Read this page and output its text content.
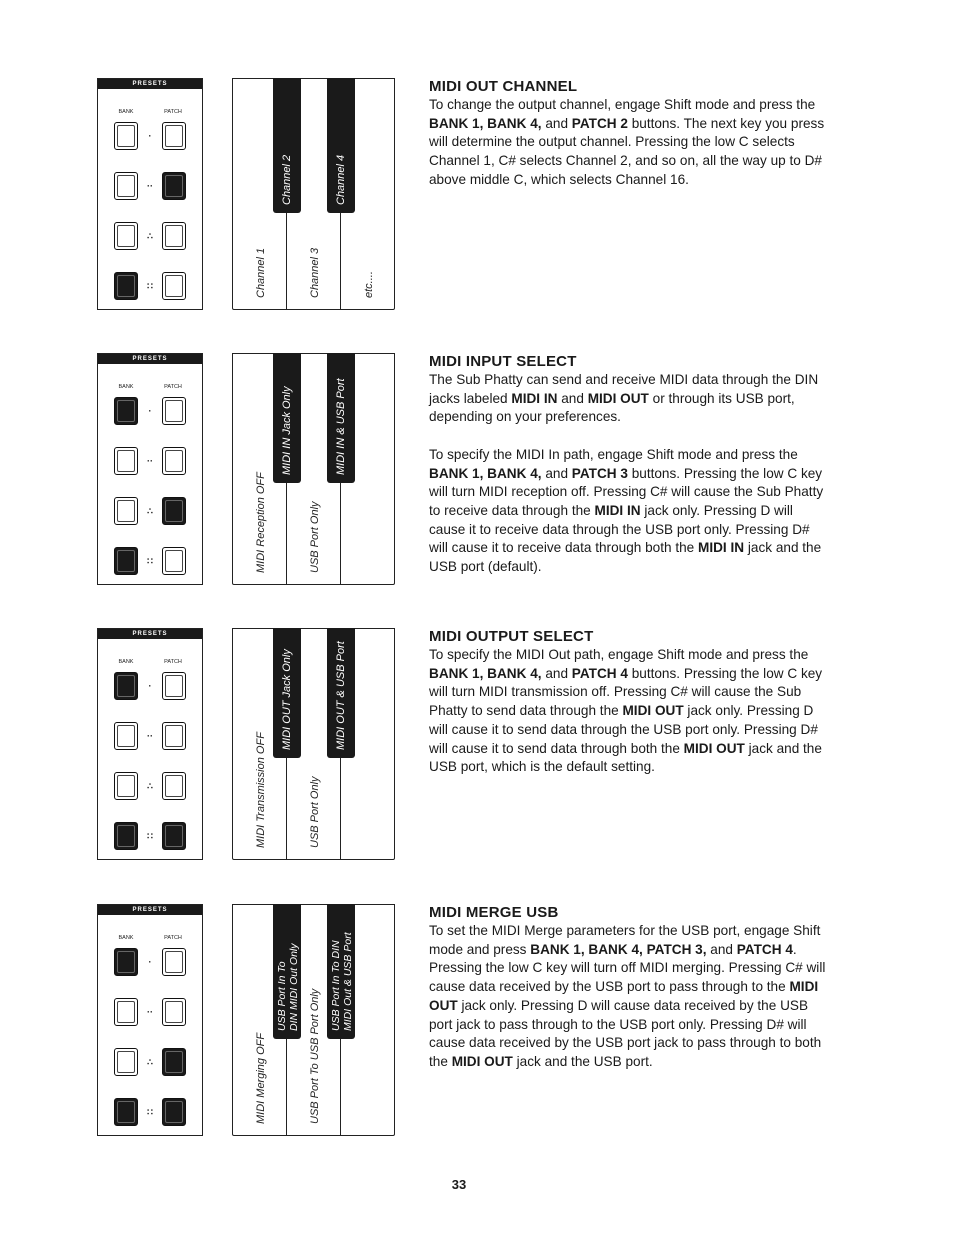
PRESETS
BANK	PATCH
·
··
∴
∷	Channel 1	Channel 3	etc....
Channel 2	Channel 4
MIDI OUT CHANNEL

To change the output channel, engage Shift mode and press the BANK 1, BANK 4, and PATCH 2 buttons. The next key you press will determine the output channel. Pressing the low C selects Channel 1, C# selects Channel 2, and so on, all the way up to D# above middle C, which selects Channel 16.

PRESETS
BANK	PATCH
·
··
∴
∷	MIDI Reception OFF	USB Port Only
MIDI IN Jack Only	MIDI IN & USB Port
MIDI INPUT SELECT

The Sub Phatty can send and receive MIDI data through the DIN jacks labeled MIDI IN and MIDI OUT or through its USB port, depending on your preferences.

To specify the MIDI In path, engage Shift mode and press the BANK 1, BANK 4, and PATCH 3 buttons. Pressing the low C key will turn MIDI reception off. Pressing C# will cause the Sub Phatty to receive data through the MIDI IN jack only. Pressing D will cause it to receive data through the USB port only. Pressing D# will cause it to receive data through both the MIDI IN jack and the USB port (default).

PRESETS
BANK	PATCH
·
··
∴
∷	MIDI Transmission OFF	USB Port Only
MIDI OUT Jack Only	MIDI OUT & USB Port
MIDI OUTPUT SELECT

To specify the MIDI Out path, engage Shift mode and press the BANK 1, BANK 4, and PATCH 4 buttons. Pressing the low C key will turn MIDI transmission off. Pressing C# will cause the Sub Phatty to send data through the MIDI OUT jack only. Pressing D will cause it to send data through the USB port only. Pressing D# will cause it to send data through both the MIDI OUT jack and the USB port, which is the default setting.

PRESETS
BANK	PATCH
·
··
∴
∷	MIDI Merging OFF	USB Port To USB Port Only
USB Port In To
DIN MIDI Out Only
USB Port In To DIN
MIDI Out & USB Port
MIDI MERGE USB

To set the MIDI Merge parameters for the USB port, engage Shift mode and press BANK 1, BANK 4, PATCH 3, and PATCH 4. Pressing the low C key will turn off MIDI merging. Pressing C# will cause data received by the USB port to pass through to the MIDI OUT jack only. Pressing D will cause data received by the USB port jack to pass through to the USB port only. Pressing D# will cause data received by the USB port jack to pass through to both the MIDI OUT jack and the USB port.

33
